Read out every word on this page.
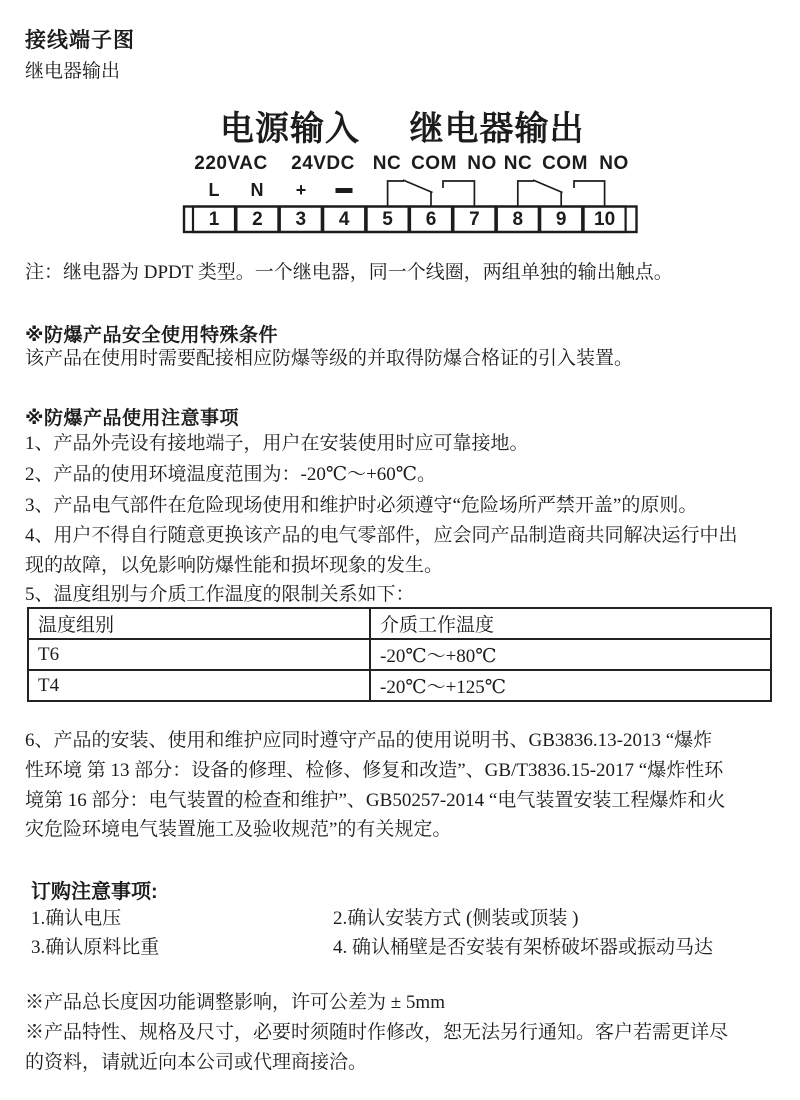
接线端子图
继电器输出
电源输入 继电器输出
220VAC 24VDC NC COM NO NC COM NO
L N +
1 2 3 4 5 6 7 8 9 10
注：继电器为 DPDT 类型。一个继电器，同一个线圈，两组单独的输出触点。
※防爆产品安全使用特殊条件
该产品在使用时需要配接相应防爆等级的并取得防爆合格证的引入装置。
※防爆产品使用注意事项
1、产品外壳设有接地端子，用户在安装使用时应可靠接地。
2、产品的使用环境温度范围为：-20℃～+60℃。
3、产品电气部件在危险现场使用和维护时必须遵守“危险场所严禁开盖”的原则。
4、用户不得自行随意更换该产品的电气零部件，应会同产品制造商共同解决运行中出
现的故障，以免影响防爆性能和损坏现象的发生。
5、温度组别与介质工作温度的限制关系如下：
温度组别	介质工作温度
T6	-20℃～+80℃
T4	-20℃～+125℃
6、产品的安装、使用和维护应同时遵守产品的使用说明书、GB3836.13-2013 “爆炸
性环境 第 13 部分：设备的修理、检修、修复和改造”、GB/T3836.15-2017 “爆炸性环
境第 16 部分：电气装置的检查和维护”、GB50257-2014 “电气装置安装工程爆炸和火
灾危险环境电气装置施工及验收规范”的有关规定。
订购注意事项:
1.确认电压	2.确认安装方式 (侧装或顶装 )
3.确认原料比重	4. 确认桶壁是否安装有架桥破坏器或振动马达
※产品总长度因功能调整影响，许可公差为 ± 5mm
※产品特性、规格及尺寸，必要时须随时作修改，恕无法另行通知。客户若需更详尽
的资料，请就近向本公司或代理商接洽。
